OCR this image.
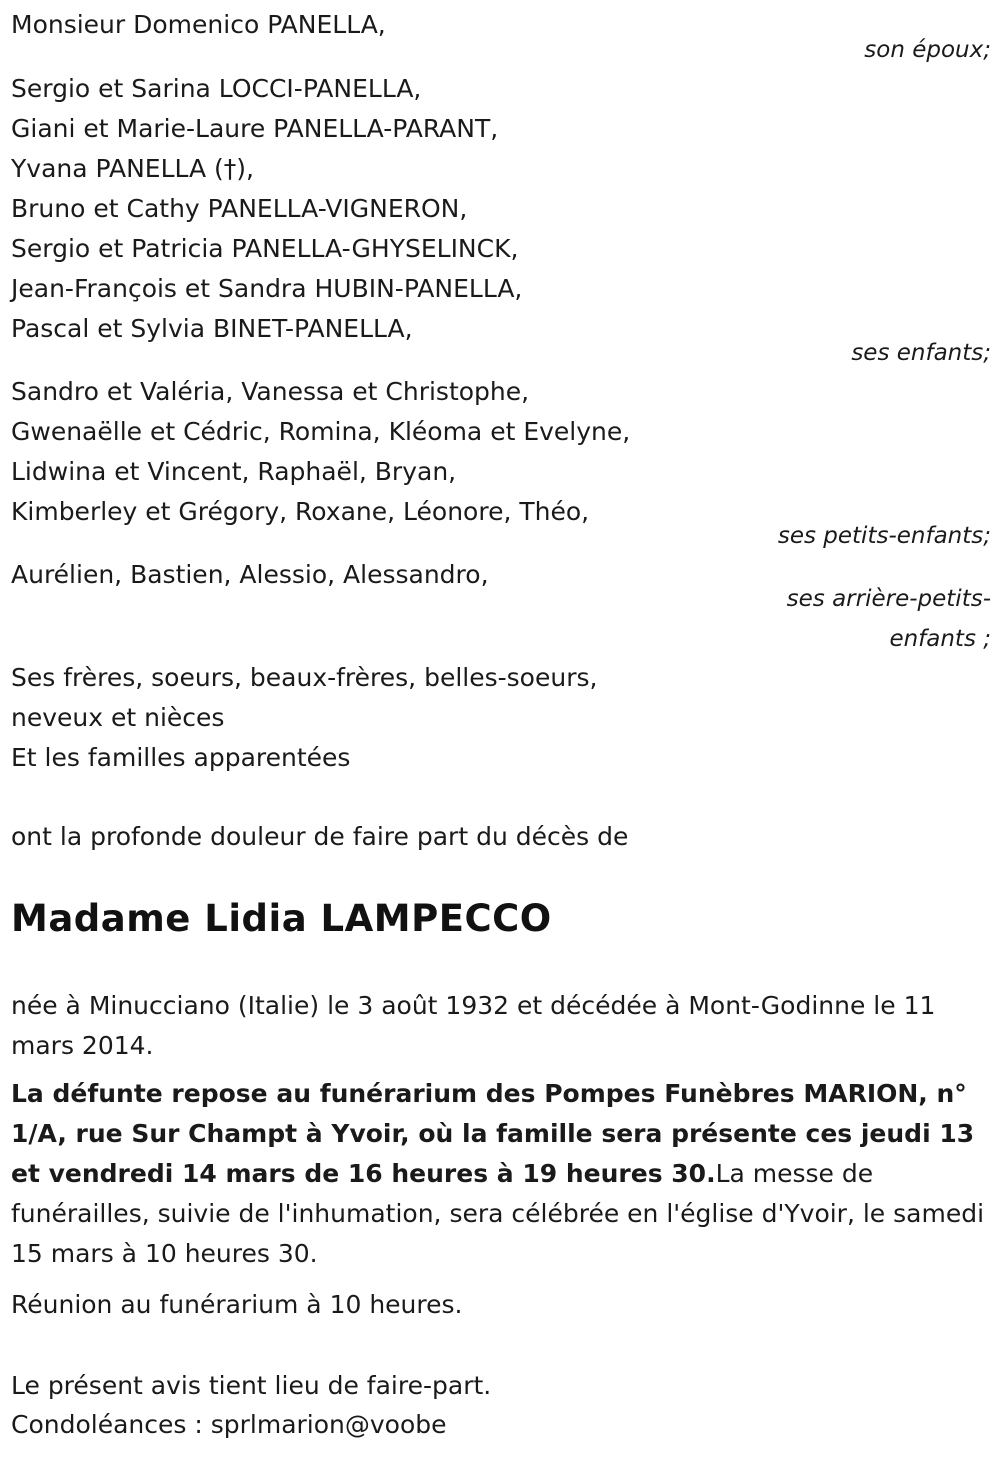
Monsieur Domenico PANELLA,
son époux;
Sergio et Sarina LOCCI-PANELLA,
Giani et Marie-Laure PANELLA-PARANT,
Yvana PANELLA (†),
Bruno et Cathy PANELLA-VIGNERON,
Sergio et Patricia PANELLA-GHYSELINCK,
Jean-François et Sandra HUBIN-PANELLA,
Pascal et Sylvia BINET-PANELLA,
ses enfants;
Sandro et Valéria, Vanessa et Christophe,
Gwenaëlle et Cédric, Romina, Kléoma et Evelyne,
Lidwina et Vincent, Raphaël, Bryan,
Kimberley et Grégory, Roxane, Léonore, Théo,
ses petits-enfants;
Aurélien, Bastien, Alessio, Alessandro,
ses arrière-petits-
enfants ;
Ses frères, soeurs, beaux-frères, belles-soeurs,
neveux et nièces
Et les familles apparentées
ont la profonde douleur de faire part du décès de
Madame Lidia LAMPECCO
née à Minucciano (Italie) le 3 août 1932 et décédée à Mont-Godinne le 11 mars 2014.
La défunte repose au funérarium des Pompes Funèbres MARION, n° 1/A, rue Sur Champt à Yvoir, où la famille sera présente ces jeudi 13 et vendredi 14 mars de 16 heures à 19 heures 30.La messe de funérailles, suivie de l'inhumation, sera célébrée en l'église d'Yvoir, le samedi 15 mars à 10 heures 30.
Réunion au funérarium à 10 heures.
Le présent avis tient lieu de faire-part.
Condoléances : sprlmarion@voobe
